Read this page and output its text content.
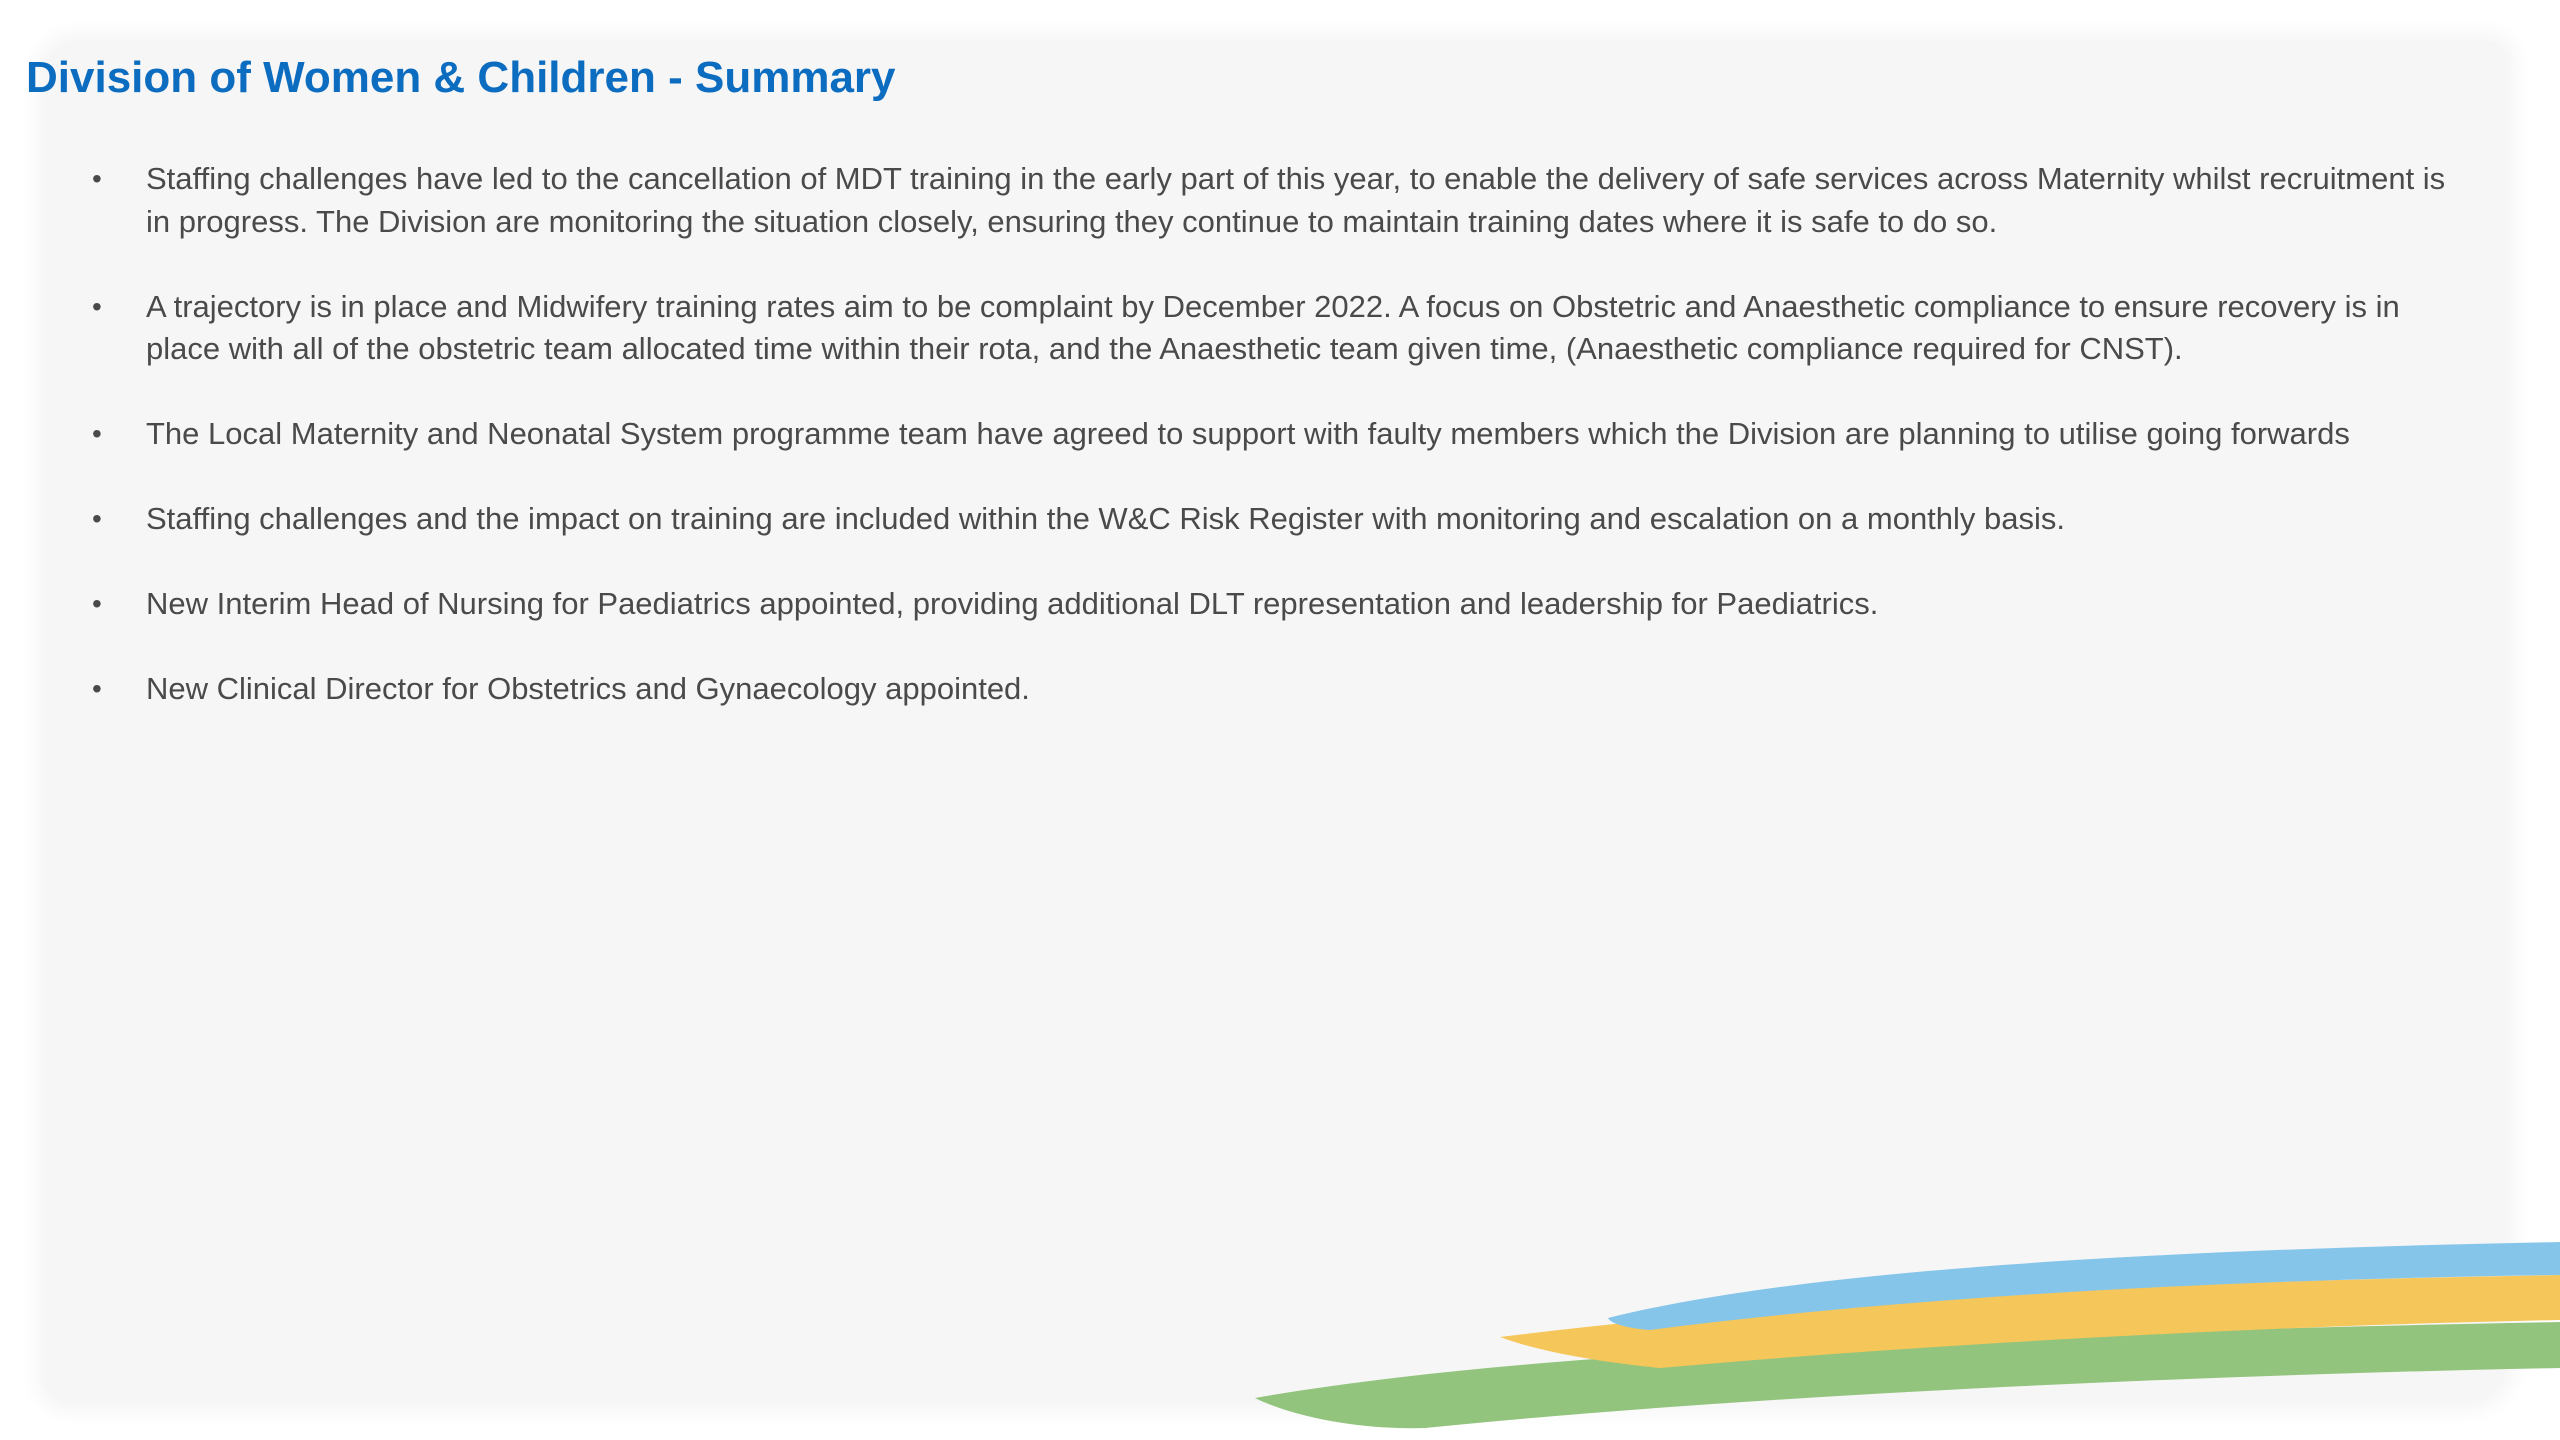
Division of Women & Children - Summary
• Staffing challenges have led to the cancellation of MDT training in the early part of this year, to enable the delivery of safe services across Maternity whilst recruitment is in progress. The Division are monitoring the situation closely, ensuring they continue to maintain training dates where it is safe to do so.
• A trajectory is in place and Midwifery training rates aim to be complaint by December 2022. A focus on Obstetric and Anaesthetic compliance to ensure recovery is in place with all of the obstetric team allocated time within their rota, and the Anaesthetic team given time, (Anaesthetic compliance required for CNST).
• The Local Maternity and Neonatal System programme team have agreed to support with faulty members which the Division are planning to utilise going forwards
• Staffing challenges and the impact on training are included within the W&C Risk Register with monitoring and escalation on a monthly basis.
• New Interim Head of Nursing for Paediatrics appointed, providing additional DLT representation and leadership for Paediatrics.
• New Clinical Director for Obstetrics and Gynaecology appointed.
